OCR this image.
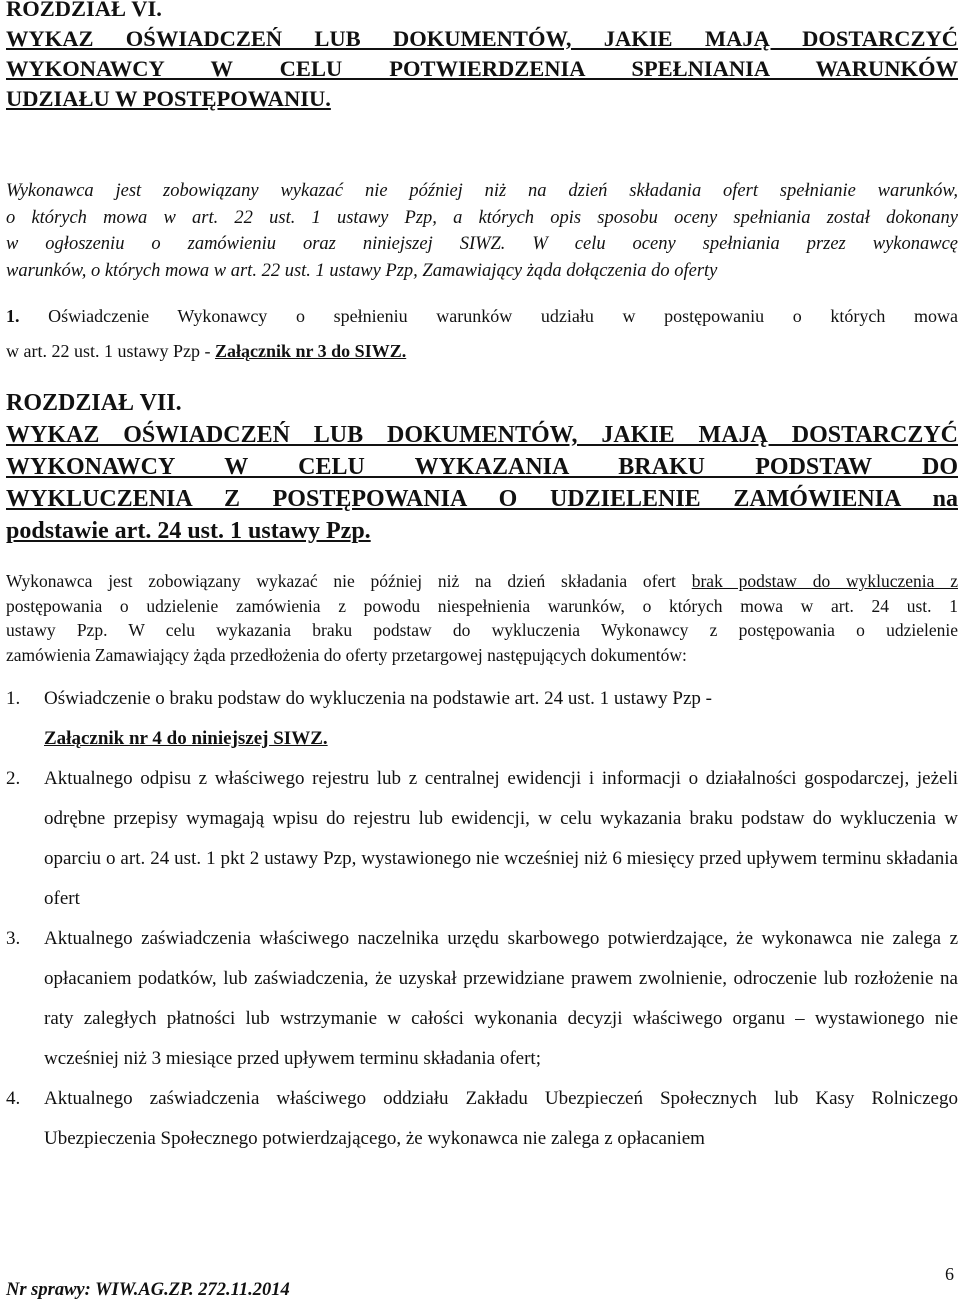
ROZDZIAŁ VI.

WYKAZ OŚWIADCZEŃ LUB DOKUMENTÓW, JAKIE MAJĄ DOSTARCZYĆ

WYKONAWCY W CELU POTWIERDZENIA SPEŁNIANIA WARUNKÓW

UDZIAŁU W POSTĘPOWANIU.

Wykonawca jest zobowiązany wykazać nie później niż na dzień składania ofert spełnianie warunków,

o których mowa w art. 22 ust. 1 ustawy Pzp, a których opis sposobu oceny spełniania został dokonany

w ogłoszeniu o zamówieniu oraz niniejszej SIWZ. W celu oceny spełniania przez wykonawcę

warunków, o których mowa w art. 22 ust. 1 ustawy Pzp, Zamawiający żąda dołączenia do oferty

1. Oświadczenie Wykonawcy o spełnieniu warunków udziału w postępowaniu o których mowa

w art. 22 ust. 1 ustawy Pzp - Załącznik nr 3 do SIWZ.

ROZDZIAŁ VII.

WYKAZ OŚWIADCZEŃ LUB DOKUMENTÓW, JAKIE MAJĄ DOSTARCZYĆ

WYKONAWCY W CELU WYKAZANIA BRAKU PODSTAW DO

WYKLUCZENIA Z POSTĘPOWANIA O UDZIELENIE ZAMÓWIENIA na

podstawie art. 24 ust. 1 ustawy Pzp.

Wykonawca jest zobowiązany wykazać nie później niż na dzień składania ofert brak podstaw do wykluczenia z

postępowania o udzielenie zamówienia z powodu niespełnienia warunków, o których mowa w art. 24 ust. 1

ustawy Pzp. W celu wykazania braku podstaw do wykluczenia Wykonawcy z postępowania o udzielenie

zamówienia Zamawiający żąda przedłożenia do oferty przetargowej następujących dokumentów:

1. Oświadczenie o braku podstaw do wykluczenia na podstawie art. 24 ust. 1 ustawy Pzp -
Załącznik nr 4 do niniejszej SIWZ.
2. Aktualnego odpisu z właściwego rejestru lub z centralnej ewidencji i informacji o działalności gospodarczej, jeżeli odrębne przepisy wymagają wpisu do rejestru lub ewidencji, w celu wykazania braku podstaw do wykluczenia w oparciu o art. 24 ust. 1 pkt 2 ustawy Pzp, wystawionego nie wcześniej niż 6 miesięcy przed upływem terminu składania ofert
3. Aktualnego zaświadczenia właściwego naczelnika urzędu skarbowego potwierdzające, że wykonawca nie zalega z opłacaniem podatków, lub zaświadczenia, że uzyskał przewidziane prawem zwolnienie, odroczenie lub rozłożenie na raty zaległych płatności lub wstrzymanie w całości wykonania decyzji właściwego organu – wystawionego nie wcześniej niż 3 miesiące przed upływem terminu składania ofert;
4. Aktualnego zaświadczenia właściwego oddziału Zakładu Ubezpieczeń Społecznych lub Kasy Rolniczego Ubezpieczenia Społecznego potwierdzającego, że wykonawca nie zalega z opłacaniem
6
Nr sprawy: WIW.AG.ZP. 272.11.2014
